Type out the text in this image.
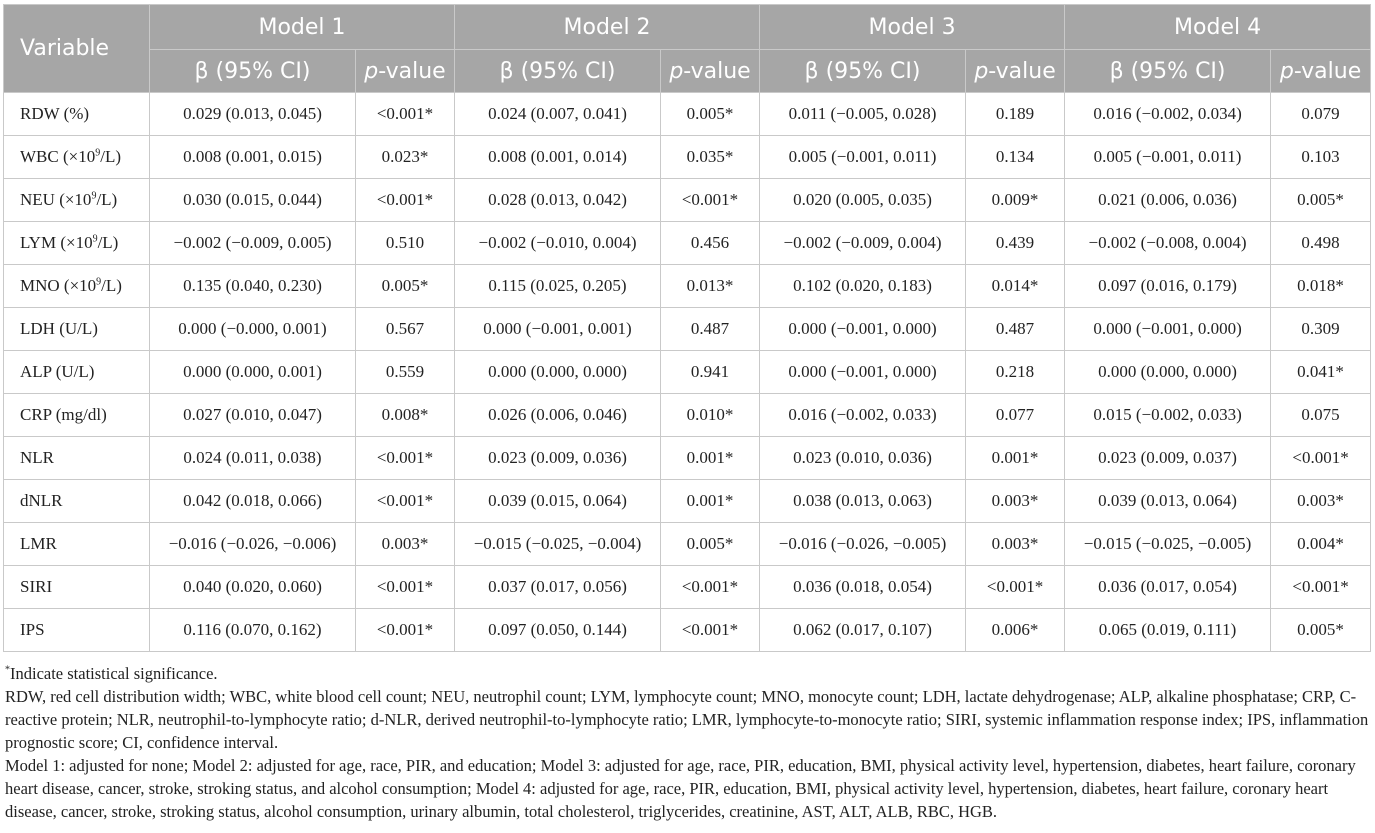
Variable	Model 1		Model 2		Model 3		Model 4	
	β (95% CI)	p-value	β (95% CI)	p-value	β (95% CI)	p-value	β (95% CI)	p-value
RDW (%)	0.029 (0.013, 0.045)	<0.001*	0.024 (0.007, 0.041)	0.005*	0.011 (−0.005, 0.028)	0.189	0.016 (−0.002, 0.034)	0.079
WBC $(\times 10^9/L)$	0.008 (0.001, 0.015)	0.023*	0.008 (0.001, 0.014)	0.035*	0.005 (−0.001, 0.011)	0.134	0.005 (−0.001, 0.011)	0.103
NEU $(\times 10^9/L)$	0.030 (0.015, 0.044)	<0.001*	0.028 (0.013, 0.042)	<0.001*	0.020 (0.005, 0.035)	0.009*	0.021 (0.006, 0.036)	0.005*
LYM $(\times 10^9/L)$	−0.002 (−0.009, 0.005)	0.510	−0.002 (−0.010, 0.004)	0.456	−0.002 (−0.009, 0.004)	0.439	−0.002 (−0.008, 0.004)	0.498
MNO $(\times 10^9/L)$	0.135 (0.040, 0.230)	0.005*	0.115 (0.025, 0.205)	0.013*	0.102 (0.020, 0.183)	0.014*	0.097 (0.016, 0.179)	0.018*
LDH (U/L)	0.000 (−0.000, 0.001)	0.567	0.000 (−0.001, 0.001)	0.487	0.000 (−0.001, 0.000)	0.487	0.000 (−0.001, 0.000)	0.309
ALP (U/L)	0.000 (0.000, 0.001)	0.559	0.000 (0.000, 0.000)	0.941	0.000 (−0.001, 0.000)	0.218	0.000 (0.000, 0.000)	0.041*
CRP (mg/dl)	0.027 (0.010, 0.047)	0.008*	0.026 (0.006, 0.046)	0.010*	0.016 (−0.002, 0.033)	0.077	0.015 (−0.002, 0.033)	0.075
NLR	0.024 (0.011, 0.038)	<0.001*	0.023 (0.009, 0.036)	0.001*	0.023 (0.010, 0.036)	0.001*	0.023 (0.009, 0.037)	<0.001*
dNLR	0.042 (0.018, 0.066)	<0.001*	0.039 (0.015, 0.064)	0.001*	0.038 (0.013, 0.063)	0.003*	0.039 (0.013, 0.064)	0.003*
LMR	−0.016 (−0.026, −0.006)	0.003*	−0.015 (−0.025, −0.004)	0.005*	−0.016 (−0.026, −0.005)	0.003*	−0.015 (−0.025, −0.005)	0.004*
SIRI	0.040 (0.020, 0.060)	<0.001*	0.037 (0.017, 0.056)	<0.001*	0.036 (0.018, 0.054)	<0.001*	0.036 (0.017, 0.054)	<0.001*
IPS	0.116 (0.070, 0.162)	<0.001*	0.097 (0.050, 0.144)	<0.001*	0.062 (0.017, 0.107)	0.006*	0.065 (0.019, 0.111)	0.005*

*Indicate statistical significance.

RDW, red cell distribution width; WBC, white blood cell count; NEU, neutrophil count; LYM, lymphocyte count; MNO, monocyte count; LDH, lactate dehydrogenase; ALP, alkaline phosphatase; CRP, C-reactive protein; NLR, neutrophil-to-lymphocyte ratio; d-NLR, derived neutrophil-to-lymphocyte ratio; LMR, lymphocyte-to-monocyte ratio; SIRI, systemic inflammation response index; IPS, inflammation prognostic score; CI, confidence interval.

Model 1: adjusted for none; Model 2: adjusted for age, race, PIR, and education; Model 3: adjusted for age, race, PIR, education, BMI, physical activity level, hypertension, diabetes, heart failure, coronary heart disease, cancer, stroke, stroking status, and alcohol consumption; Model 4: adjusted for age, race, PIR, education, BMI, physical activity level, hypertension, diabetes, heart failure, coronary heart disease, cancer, stroke, stroking status, alcohol consumption, urinary albumin, total cholesterol, triglycerides, creatinine, AST, ALT, ALB, RBC, HGB.
